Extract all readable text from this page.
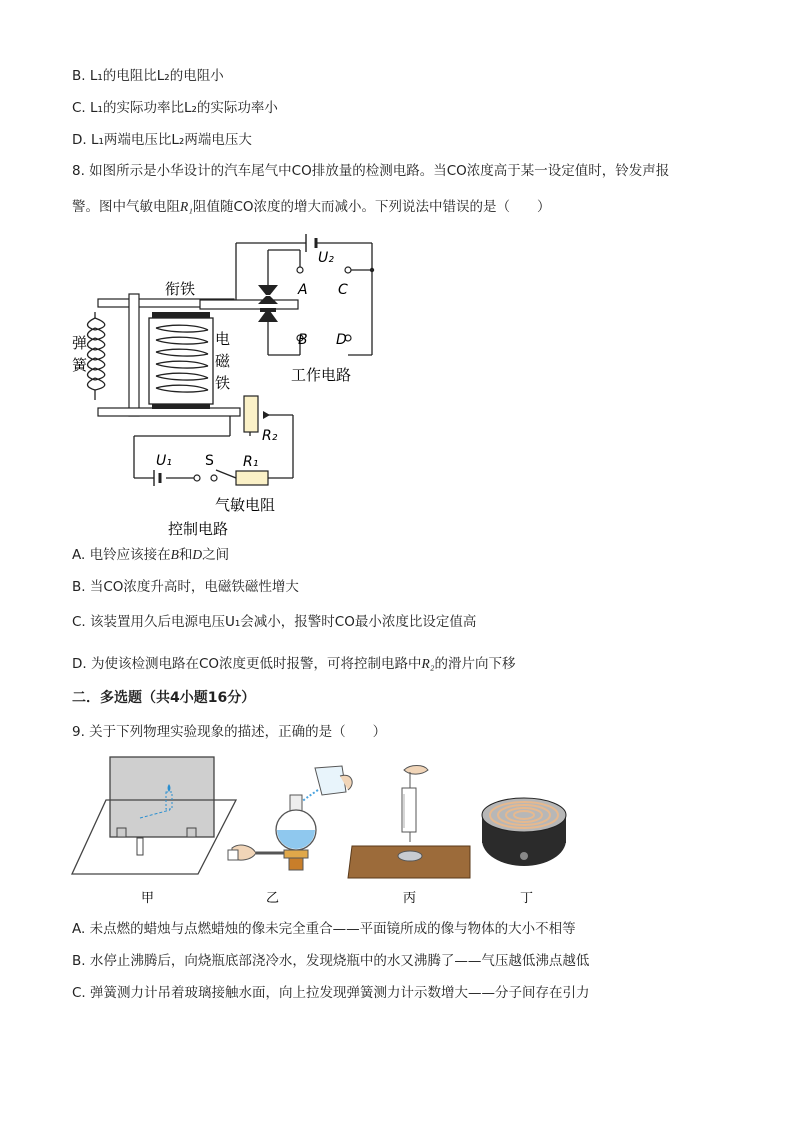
B. L₁的电阻比L₂的电阻小
C. L₁的实际功率比L₂的实际功率小
D. L₁两端电压比L₂两端电压大
8. 如图所示是小华设计的汽车尾气中CO排放量的检测电路。当CO浓度高于某一设定值时，铃发声报
警。图中气敏电阻R₁阻值随CO浓度的增大而减小。下列说法中错误的是（　　）
U₂
A C
B D
衔铁
弹
簧
电
磁
铁	工作电路
R₂
U₁ S R₁
气敏电阻
控制电路
A. 电铃应该接在B和D之间
B. 当CO浓度升高时，电磁铁磁性增大
C. 该装置用久后电源电压U₁会减小，报警时CO最小浓度比设定值高
D. 为使该检测电路在CO浓度更低时报警，可将控制电路中R₂的滑片向下移
二．多选题（共4小题16分）
9. 关于下列物理实验现象的描述，正确的是（　　）
甲	乙	丙	丁
A. 未点燃的蜡烛与点燃蜡烛的像未完全重合——平面镜所成的像与物体的大小不相等
B. 水停止沸腾后，向烧瓶底部浇冷水，发现烧瓶中的水又沸腾了——气压越低沸点越低
C. 弹簧测力计吊着玻璃接触水面，向上拉发现弹簧测力计示数增大——分子间存在引力
